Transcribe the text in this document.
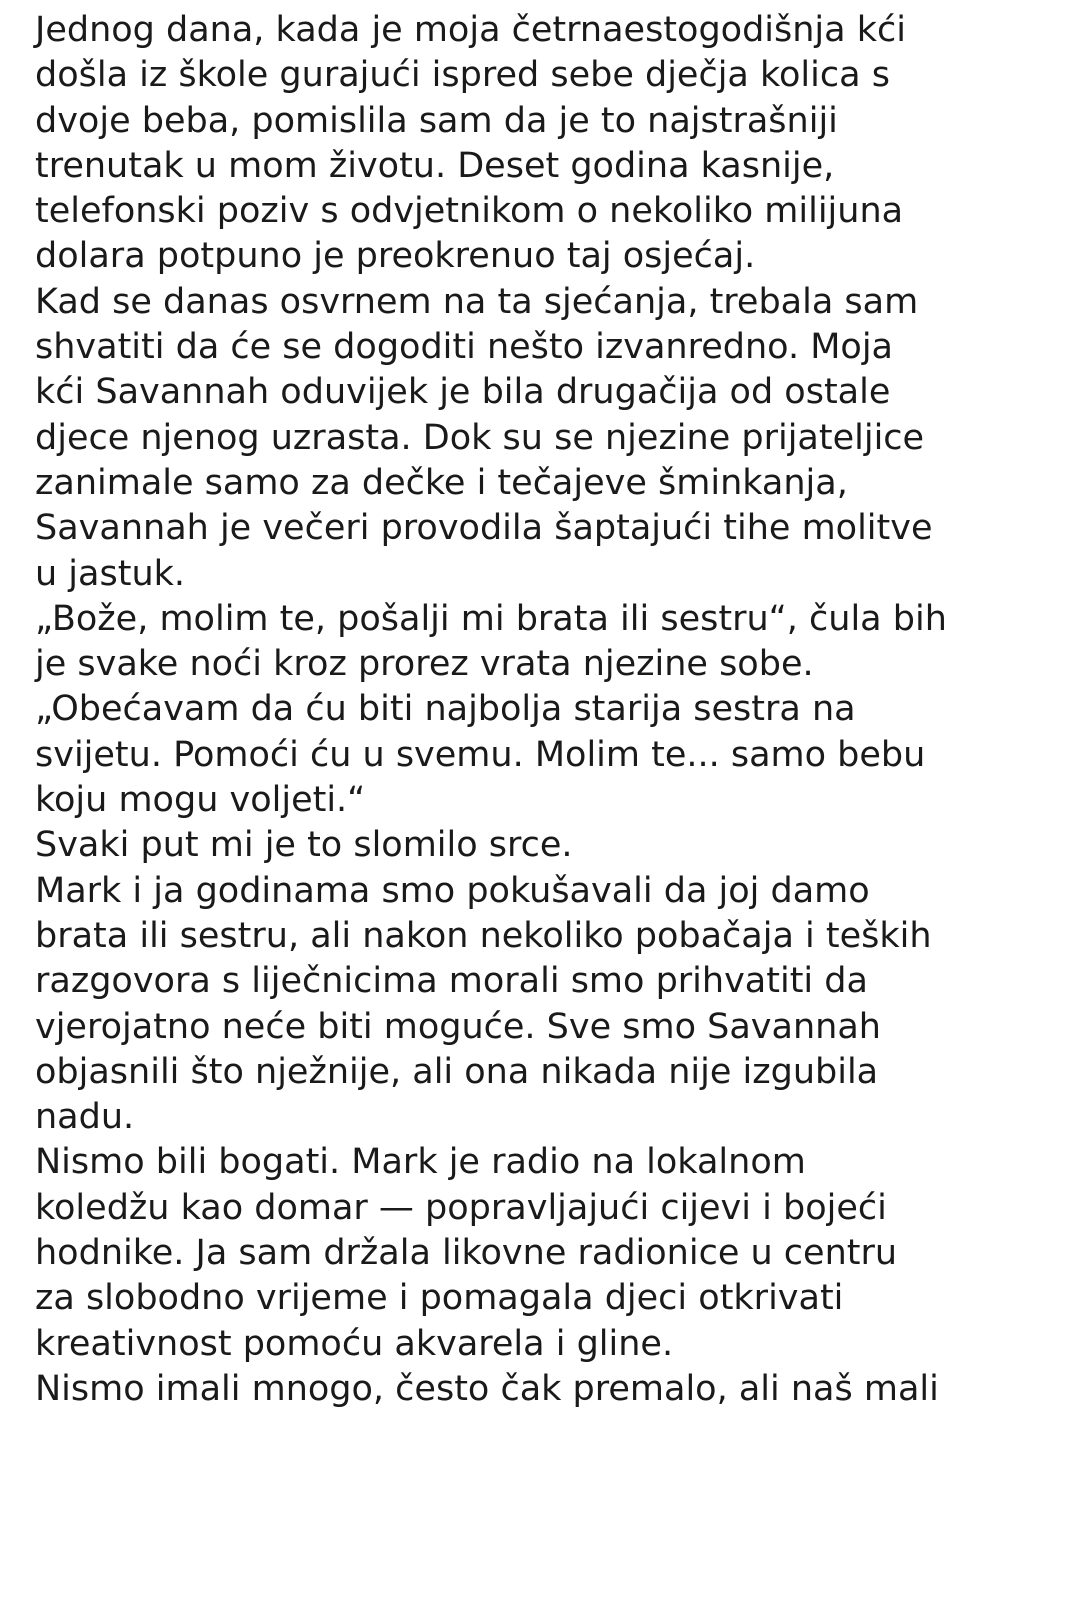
Jednog dana, kada je moja četrnaestogodišnja kći
došla iz škole gurajući ispred sebe dječja kolica s
dvoje beba, pomislila sam da je to najstrašniji
trenutak u mom životu. Deset godina kasnije,
telefonski poziv s odvjetnikom o nekoliko milijuna
dolara potpuno je preokrenuo taj osjećaj.
Kad se danas osvrnem na ta sjećanja, trebala sam
shvatiti da će se dogoditi nešto izvanredno. Moja
kći Savannah oduvijek je bila drugačija od ostale
djece njenog uzrasta. Dok su se njezine prijateljice
zanimale samo za dečke i tečajeve šminkanja,
Savannah je večeri provodila šaptajući tihe molitve
u jastuk.
„Bože, molim te, pošalji mi brata ili sestru“, čula bih
je svake noći kroz prorez vrata njezine sobe.
„Obećavam da ću biti najbolja starija sestra na
svijetu. Pomoći ću u svemu. Molim te... samo bebu
koju mogu voljeti.“
Svaki put mi je to slomilo srce.
Mark i ja godinama smo pokušavali da joj damo
brata ili sestru, ali nakon nekoliko pobačaja i teških
razgovora s liječnicima morali smo prihvatiti da
vjerojatno neće biti moguće. Sve smo Savannah
objasnili što nježnije, ali ona nikada nije izgubila
nadu.
Nismo bili bogati. Mark je radio na lokalnom
koledžu kao domar — popravljajući cijevi i bojeći
hodnike. Ja sam držala likovne radionice u centru
za slobodno vrijeme i pomagala djeci otkrivati
kreativnost pomoću akvarela i gline.
Nismo imali mnogo, često čak premalo, ali naš mali
